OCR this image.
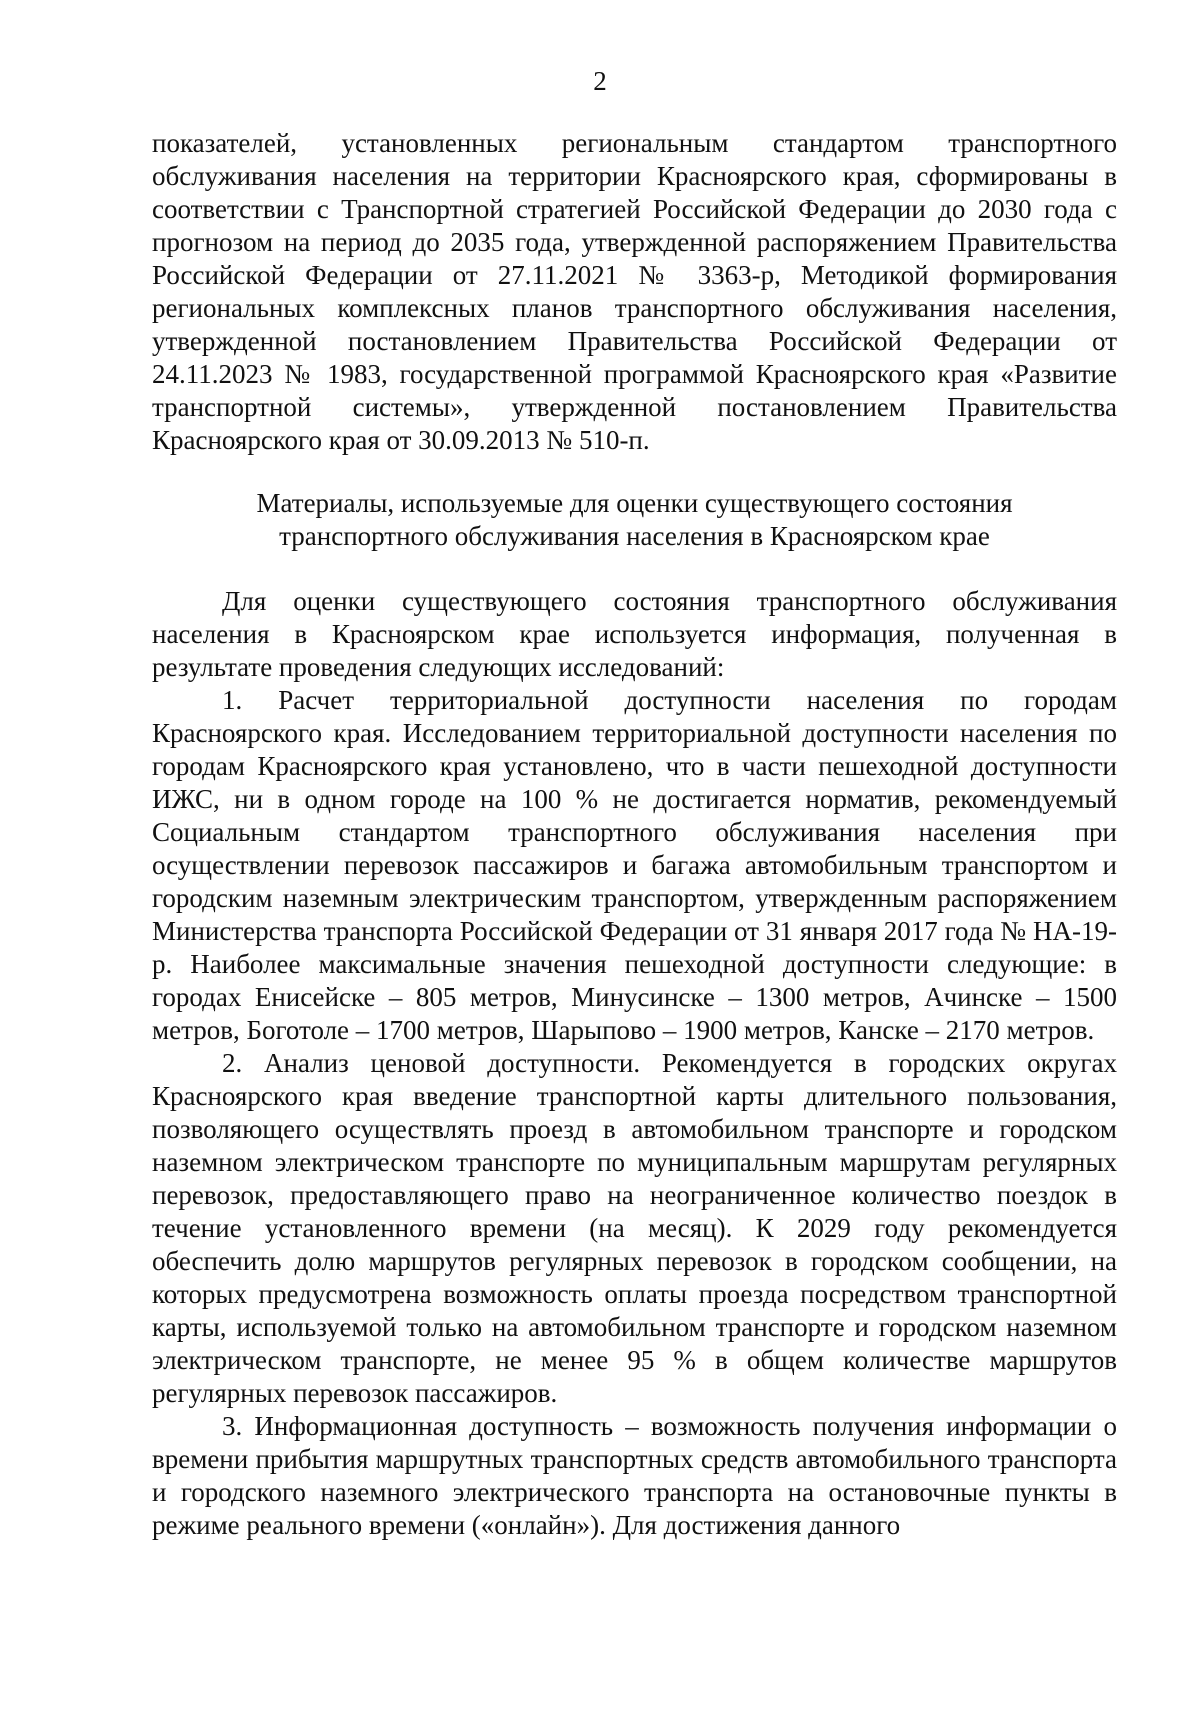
2

показателей, установленных региональным стандартом транспортного обслуживания населения на территории Красноярского края, сформированы в соответствии с Транспортной стратегией Российской Федерации до 2030 года с прогнозом на период до 2035 года, утвержденной распоряжением Правительства Российской Федерации от 27.11.2021 № 3363-р, Методикой формирования региональных комплексных планов транспортного обслуживания населения, утвержденной постановлением Правительства Российской Федерации от 24.11.2023 № 1983, государственной программой Красноярского края «Развитие транспортной системы», утвержденной постановлением Правительства Красноярского края от 30.09.2013 № 510-п.

Материалы, используемые для оценки существующего состояния
транспортного обслуживания населения в Красноярском крае

Для оценки существующего состояния транспортного обслуживания населения в Красноярском крае используется информация, полученная в результате проведения следующих исследований:

1. Расчет территориальной доступности населения по городам Красноярского края. Исследованием территориальной доступности населения по городам Красноярского края установлено, что в части пешеходной доступности ИЖС, ни в одном городе на 100 % не достигается норматив, рекомендуемый Социальным стандартом транспортного обслуживания населения при осуществлении перевозок пассажиров и багажа автомобильным транспортом и городским наземным электрическим транспортом, утвержденным распоряжением Министерства транспорта Российской Федерации от 31 января 2017 года № НА-19-р. Наиболее максимальные значения пешеходной доступности следующие: в городах Енисейске – 805 метров, Минусинске – 1300 метров, Ачинске – 1500 метров, Боготоле – 1700 метров, Шарыпово – 1900 метров, Канске – 2170 метров.

2. Анализ ценовой доступности. Рекомендуется в городских округах Красноярского края введение транспортной карты длительного пользования, позволяющего осуществлять проезд в автомобильном транспорте и городском наземном электрическом транспорте по муниципальным маршрутам регулярных перевозок, предоставляющего право на неограниченное количество поездок в течение установленного времени (на месяц). К 2029 году рекомендуется обеспечить долю маршрутов регулярных перевозок в городском сообщении, на которых предусмотрена возможность оплаты проезда посредством транспортной карты, используемой только на автомобильном транспорте и городском наземном электрическом транспорте, не менее 95 % в общем количестве маршрутов регулярных перевозок пассажиров.

3. Информационная доступность – возможность получения информации о времени прибытия маршрутных транспортных средств автомобильного транспорта и городского наземного электрического транспорта на остановочные пункты в режиме реального времени («онлайн»). Для достижения данного
